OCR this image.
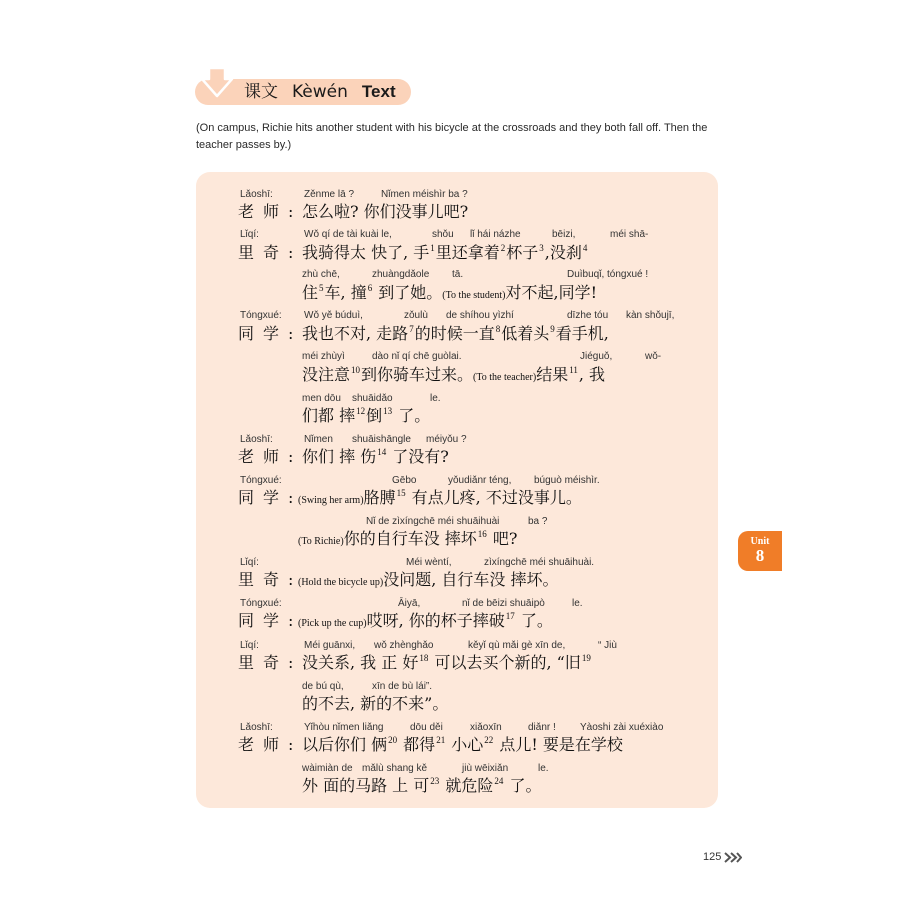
课文 Kèwén Text
(On campus, Richie hits another student with his bicycle at the crossroads and they both fall off. Then the teacher passes by.)
Lǎoshī:	Zěnme lā ?	Nǐmen méishìr ba ?
老师: 怎么啦? 你们没事儿吧?
Lǐqí:	Wǒ qí de tài kuài le,	shǒu lǐ hái názhe	bēizi,	méi shā-
里奇: 我骑得太 快了, 手$^1$里还拿着$^2$杯子$^3$,没刹$^4$
zhù chē,	zhuàngdǎole tā.	Duìbuqǐ, tóngxué !
住$^5$车, 撞$^6$ 到了她。(To the student)对不起,同学!
Tóngxué: Wǒ yě búduì,	zǒulù de shíhou yìzhí	dīzhe tóu kàn shǒujī,
同学: 我也不对, 走路$^7$的时候一直$^8$低着头$^9$看手机,
méi zhùyì	dào nǐ qí chē guòlai.	Jiéguǒ,	wǒ-
没注意$^{10}$到你骑车过来。(To the teacher)结果$^{11}$, 我
men dōu shuāidǎo	le.
们都 摔$^{12}$倒$^{13}$ 了。
Lǎoshī:	Nǐmen shuāishāngle méiyǒu ?
老师: 你们 摔 伤$^{14}$ 了没有?
Tóngxué:	Gēbo	yǒudiǎnr téng, búguò méishìr.
同学:
(Swing her arm)胳膊$^{15}$ 有点儿疼, 不过没事儿。
Nǐ de zìxíngchē méi shuāihuài	ba ?
(To Richie)你的自行车没 摔坏$^{16}$ 吧?
Lǐqí:	Méi wèntí,	zìxíngchē méi shuāihuài.
里奇:
(Hold the bicycle up)没问题, 自行车没 摔坏。
Tóngxué:	Āiyā,	nǐ de bēizi shuāipò	le.
同学:
(Pick up the cup)哎呀, 你的杯子摔破$^{17}$ 了。
Lǐqí:	Méi guānxi, wǒ zhènghǎo	kěyǐ qù mǎi gè xīn de,	“ Jiù
里奇: 没关系, 我 正 好$^{18}$ 可以去买个新的, “旧$^{19}$
de bú qù,	xīn de bù lái”.
的不去, 新的不来”。
Lǎoshī:	Yǐhòu nǐmen liǎng	dōu děi	xiǎoxīn	diǎnr ! Yàoshi zài xuéxiào
老师: 以后你们 俩$^{20}$ 都得$^{21}$ 小心$^{22}$ 点儿! 要是在学校
wàimiàn de mǎlù shang kě	jiù wēixiǎn	le.
外 面的马路 上 可$^{23}$ 就危险$^{24}$ 了。
Unit
8
125
